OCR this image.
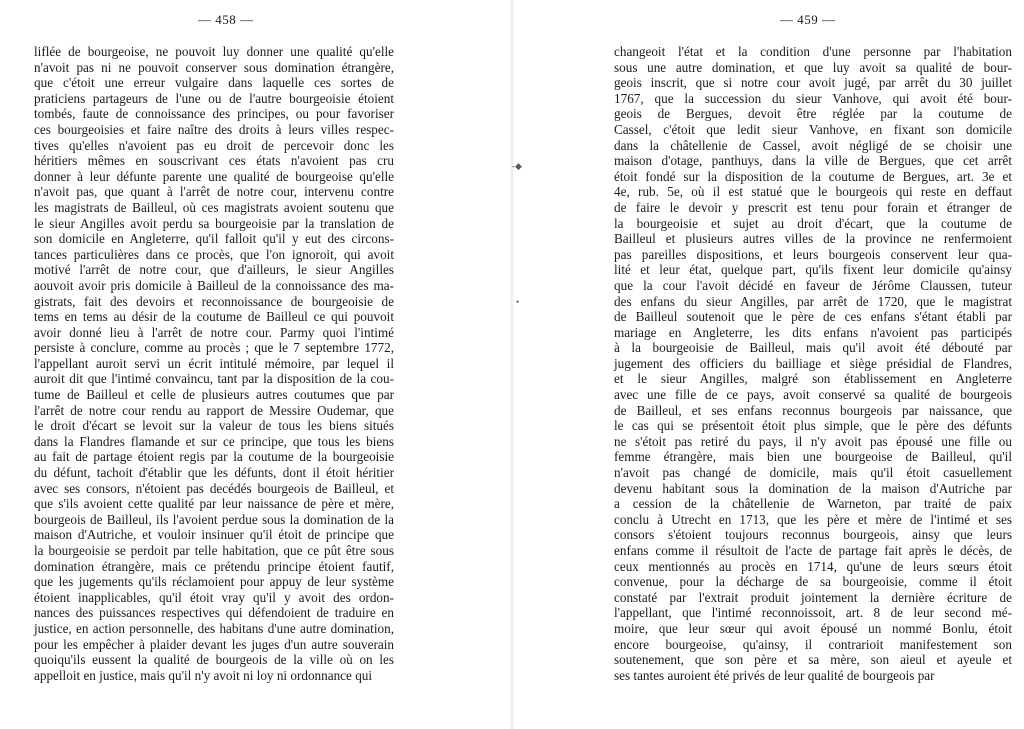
— 458 —
liflée de bourgeoise, ne pouvoit luy donner une qualité qu'elle
n'avoit pas ni ne pouvoit conserver sous domination étrangère,
que c'étoit une erreur vulgaire dans laquelle ces sortes de
praticiens partageurs de l'une ou de l'autre bourgeoisie étoient
tombés, faute de connoissance des principes, ou pour favoriser
ces bourgeoisies et faire naître des droits à leurs villes respec-
tives qu'elles n'avoient pas eu droit de percevoir donc les
héritiers mêmes en souscrivant ces états n'avoient pas cru
donner à leur défunte parente une qualité de bourgeoise qu'elle
n'avoit pas, que quant à l'arrêt de notre cour, intervenu contre
les magistrats de Bailleul, où ces magistrats avoient soutenu que
le sieur Angilles avoit perdu sa bourgeoisie par la translation de
son domicile en Angleterre, qu'il falloit qu'il y eut des circons-
tances particulières dans ce procès, que l'on ignoroit, qui avoit
motivé l'arrêt de notre cour, que d'ailleurs, le sieur Angilles
aouvoit avoir pris domicile à Bailleul de la connoissance des ma-
gistrats, fait des devoirs et reconnoissance de bourgeoisie de
tems en tems au désir de la coutume de Bailleul ce qui pouvoit
avoir donné lieu à l'arrêt de notre cour. Parmy quoi l'intimé
persiste à conclure, comme au procès ; que le 7 septembre 1772,
l'appellant auroit servi un écrit intitulé mémoire, par lequel il
auroit dit que l'intimé convaincu, tant par la disposition de la cou-
tume de Bailleul et celle de plusieurs autres coutumes que par
l'arrêt de notre cour rendu au rapport de Messire Oudemar, que
le droit d'écart se levoit sur la valeur de tous les biens situés
dans la Flandres flamande et sur ce principe, que tous les biens
au fait de partage étoient regis par la coutume de la bourgeoisie
du défunt, tachoit d'établir que les défunts, dont il étoit héritier
avec ses consors, n'étoient pas decédés bourgeois de Bailleul, et
que s'ils avoient cette qualité par leur naissance de père et mère,
bourgeois de Bailleul, ils l'avoient perdue sous la domination de la
maison d'Autriche, et vouloir insinuer qu'il étoit de principe que
la bourgeoisie se perdoit par telle habitation, que ce pût être sous
domination étrangère, mais ce prétendu principe étoient fautif,
que les jugements qu'ils réclamoient pour appuy de leur système
étoient inapplicables, qu'il étoit vray qu'il y avoit des ordon-
nances des puissances respectives qui défendoient de traduire en
justice, en action personnelle, des habitans d'une autre domination,
pour les empêcher à plaider devant les juges d'un autre souverain
quoiqu'ils eussent la qualité de bourgeois de la ville où on les
appelloit en justice, mais qu'il n'y avoit ni loy ni ordonnance qui
-◆
•
— 459 —
changeoit l'état et la condition d'une personne par l'habitation
sous une autre domination, et que luy avoit sa qualité de bour-
geois inscrit, que si notre cour avoit jugé, par arrêt du 30 juillet
1767, que la succession du sieur Vanhove, qui avoit été bour-
geois de Bergues, devoit être réglée par la coutume de
Cassel, c'étoit que ledit sieur Vanhove, en fixant son domicile
dans la châtellenie de Cassel, avoit négligé de se choisir une
maison d'otage, panthuys, dans la ville de Bergues, que cet arrêt
étoit fondé sur la disposition de la coutume de Bergues, art. 3e et
4e, rub. 5e, où il est statué que le bourgeois qui reste en deffaut
de faire le devoir y prescrit est tenu pour forain et étranger de
la bourgeoisie et sujet au droit d'écart, que la coutume de
Bailleul et plusieurs autres villes de la province ne renfermoient
pas pareilles dispositions, et leurs bourgeois conservent leur qua-
lité et leur état, quelque part, qu'ils fixent leur domicile qu'ainsy
que la cour l'avoit décidé en faveur de Jérôme Claussen, tuteur
des enfans du sieur Angilles, par arrêt de 1720, que le magistrat
de Bailleul soutenoit que le père de ces enfans s'étant établi par
mariage en Angleterre, les dits enfans n'avoient pas participés
à la bourgeoisie de Bailleul, mais qu'il avoit été débouté par
jugement des officiers du bailliage et siège présidial de Flandres,
et le sieur Angilles, malgré son établissement en Angleterre
avec une fille de ce pays, avoit conservé sa qualité de bourgeois
de Bailleul, et ses enfans reconnus bourgeois par naissance, que
le cas qui se présentoit étoit plus simple, que le père des défunts
ne s'étoit pas retiré du pays, il n'y avoit pas épousé une fille ou
femme étrangère, mais bien une bourgeoise de Bailleul, qu'il
n'avoit pas changé de domicile, mais qu'il étoit casuellement
devenu habitant sous la domination de la maison d'Autriche par
a cession de la châtellenie de Warneton, par traité de paix
conclu à Utrecht en 1713, que les père et mère de l'intimé et ses
consors s'étoient toujours reconnus bourgeois, ainsy que leurs
enfans comme il résultoit de l'acte de partage fait après le décès, de
ceux mentionnés au procès en 1714, qu'une de leurs sœurs étoit
convenue, pour la décharge de sa bourgeoisie, comme il étoit
constaté par l'extrait produit jointement la dernière écriture de
l'appellant, que l'intimé reconnoissoit, art. 8 de leur second mé-
moire, que leur sœur qui avoit épousé un nommé Bonlu, étoit
encore bourgeoise, qu'ainsy, il contrarioit manifestement son
soutenement, que son père et sa mère, son aieul et ayeule et
ses tantes auroient été privés de leur qualité de bourgeois par
